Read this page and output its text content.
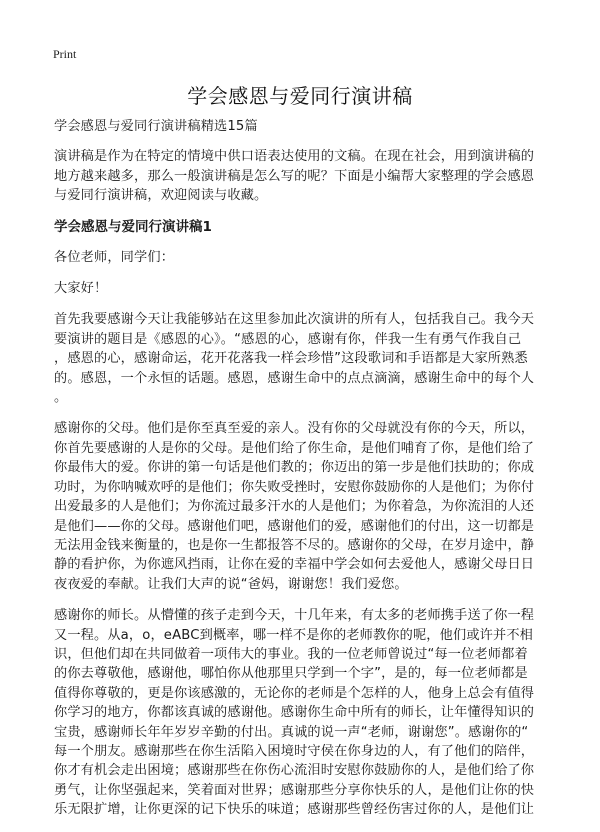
Print
学会感恩与爱同行演讲稿

学会感恩与爱同行演讲稿精选15篇

演讲稿是作为在特定的情境中供口语表达使用的文稿。在现在社会，用到演讲稿的
地方越来越多，那么一般演讲稿是怎么写的呢？下面是小编帮大家整理的学会感恩
与爱同行演讲稿，欢迎阅读与收藏。

学会感恩与爱同行演讲稿1

各位老师，同学们：

大家好！

首先我要感谢今天让我能够站在这里参加此次演讲的所有人，包括我自己。我今天
要演讲的题目是《感恩的心》。“感恩的心，感谢有你，伴我一生有勇气作我自己
，感恩的心，感谢命运，花开花落我一样会珍惜”这段歌词和手语都是大家所熟悉
的。感恩，一个永恒的话题。感恩，感谢生命中的点点滴滴，感谢生命中的每个人
。

感谢你的父母。他们是你至真至爱的亲人。没有你的父母就没有你的今天，所以，
你首先要感谢的人是你的父母。是他们给了你生命，是他们哺育了你，是他们给了
你最伟大的爱。你讲的第一句话是他们教的；你迈出的第一步是他们扶助的；你成
功时，为你呐喊欢呼的是他们；你失败受挫时，安慰你鼓励你的人是他们；为你付
出爱最多的人是他们；为你流过最多汗水的人是他们；为你着急，为你流泪的人还
是他们——你的父母。感谢他们吧，感谢他们的爱，感谢他们的付出，这一切都是
无法用金钱来衡量的，也是你一生都报答不尽的。感谢你的父母，在岁月途中，静
静的看护你，为你遮风挡雨，让你在爱的幸福中学会如何去爱他人，感谢父母日日
夜夜爱的奉献。让我们大声的说“爸妈，谢谢您！我们爱您。

感谢你的师长。从懵懂的孩子走到今天，十几年来，有太多的老师携手送了你一程
又一程。从a，o，eABC到概率，哪一样不是你的老师教你的呢，他们或许并不相
识，但他们却在共同做着一项伟大的事业。我的一位老师曾说过“每一位老师都着
的你去尊敬他，感谢他，哪怕你从他那里只学到一个字”，是的，每一位老师都是
值得你尊敬的，更是你该感激的，无论你的老师是个怎样的人，他身上总会有值得
你学习的地方，你都该真诚的感谢他。感谢你生命中所有的师长，让年懂得知识的
宝贵，感谢师长年年岁岁辛勤的付出。真诚的说一声“老师，谢谢您”。感谢你的“
每一个朋友。感谢那些在你生活陷入困境时守侯在你身边的人，有了他们的陪伴，
你才有机会走出困境；感谢那些在你伤心流泪时安慰你鼓励你的人，是他们给了你
勇气，让你坚强起来，笑着面对世界；感谢那些分享你快乐的人，是他们让你的快
乐无限扩增，让你更深的记下快乐的味道；感谢那些曾经伤害过你的人，是他们让
